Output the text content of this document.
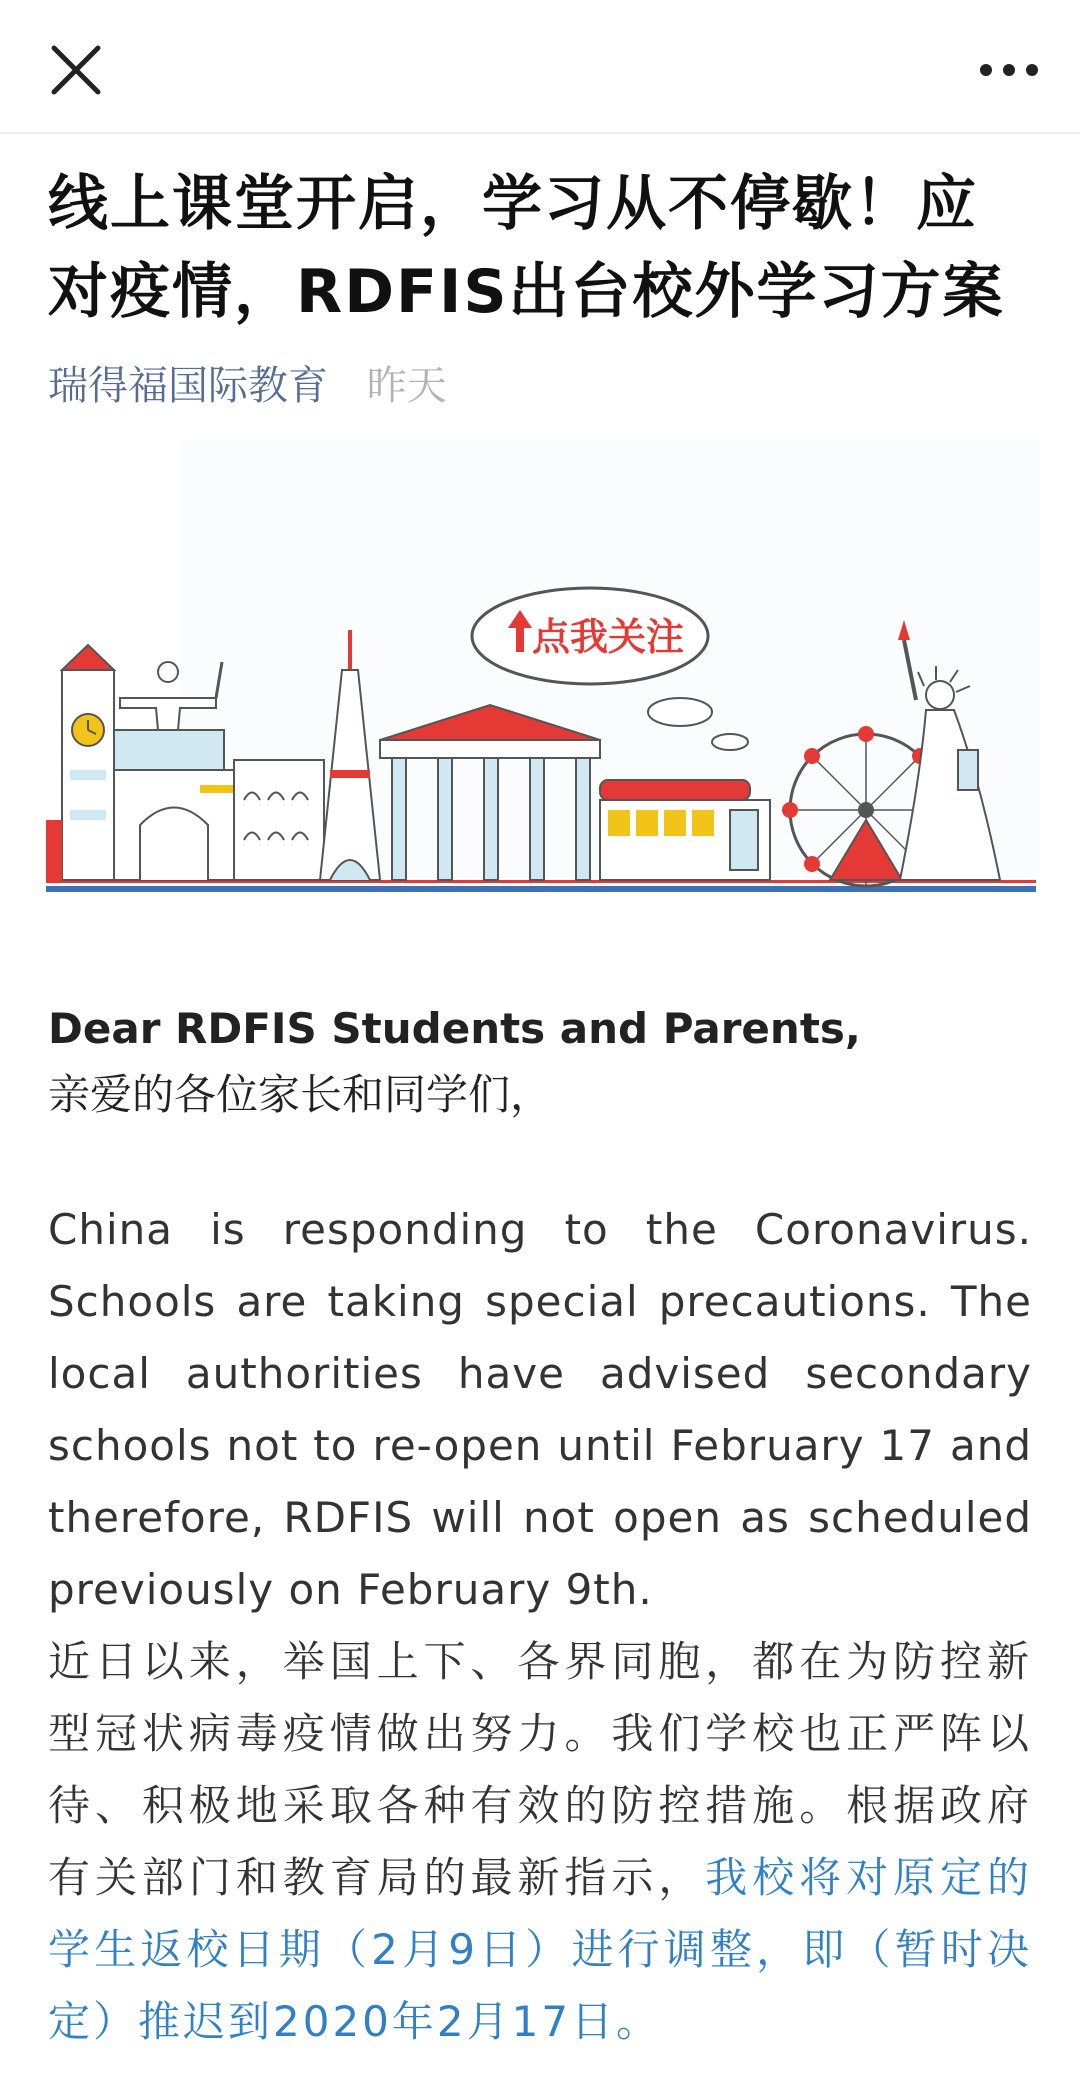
线上课堂开启，学习从不停歇！应
对疫情，RDFIS出台校外学习方案
瑞得福国际教育 昨天
点我关注
Dear RDFIS Students and Parents,
亲爱的各位家长和同学们，
China is responding to the Coronavirus. Schools are taking special precautions. The local authorities have advised secondary schools not to re-open until February 17 and therefore, RDFIS will not open as scheduled previously on February 9th.
近日以来，举国上下、各界同胞，都在为防控新型冠状病毒疫情做出努力。我们学校也正严阵以待、积极地采取各种有效的防控措施。根据政府有关部门和教育局的最新指示，我校将对原定的学生返校日期（2月9日）进行调整，即（暂时决定）推迟到2020年2月17日。
